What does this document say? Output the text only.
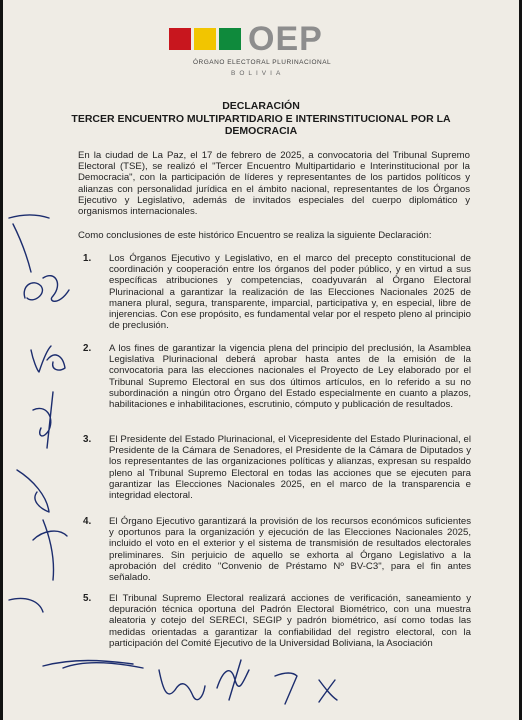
OEP
ÓRGANO ELECTORAL PLURINACIONAL
BOLIVIA
DECLARACIÓN
TERCER ENCUENTRO MULTIPARTIDARIO E INTERINSTITUCIONAL POR LA DEMOCRACIA
En la ciudad de La Paz, el 17 de febrero de 2025, a convocatoria del Tribunal Supremo Electoral (TSE), se realizó el "Tercer Encuentro Multipartidario e Interinstitucional por la Democracia", con la participación de líderes y representantes de los partidos políticos y alianzas con personalidad jurídica en el ámbito nacional, representantes de los Órganos Ejecutivo y Legislativo, además de invitados especiales del cuerpo diplomático y organismos internacionales.
Como conclusiones de este histórico Encuentro se realiza la siguiente Declaración:
1. Los Órganos Ejecutivo y Legislativo, en el marco del precepto constitucional de coordinación y cooperación entre los órganos del poder público, y en virtud a sus específicas atribuciones y competencias, coadyuvarán al Órgano Electoral Plurinacional a garantizar la realización de las Elecciones Nacionales 2025 de manera plural, segura, transparente, imparcial, participativa y, en especial, libre de injerencias. Con ese propósito, es fundamental velar por el respeto pleno al principio de preclusión.
2. A los fines de garantizar la vigencia plena del principio del preclusión, la Asamblea Legislativa Plurinacional deberá aprobar hasta antes de la emisión de la convocatoria para las elecciones nacionales el Proyecto de Ley elaborado por el Tribunal Supremo Electoral en sus dos últimos artículos, en lo referido a su no subordinación a ningún otro Órgano del Estado especialmente en cuanto a plazos, habilitaciones e inhabilitaciones, escrutinio, cómputo y publicación de resultados.
3. El Presidente del Estado Plurinacional, el Vicepresidente del Estado Plurinacional, el Presidente de la Cámara de Senadores, el Presidente de la Cámara de Diputados y los representantes de las organizaciones políticas y alianzas, expresan su respaldo pleno al Tribunal Supremo Electoral en todas las acciones que se ejecuten para garantizar las Elecciones Nacionales 2025, en el marco de la transparencia e integridad electoral.
4. El Órgano Ejecutivo garantizará la provisión de los recursos económicos suficientes y oportunos para la organización y ejecución de las Elecciones Nacionales 2025, incluido el voto en el exterior y el sistema de transmisión de resultados electorales preliminares. Sin perjuicio de aquello se exhorta al Órgano Legislativo a la aprobación del crédito "Convenio de Préstamo Nº BV-C3", para el fin antes señalado.
5. El Tribunal Supremo Electoral realizará acciones de verificación, saneamiento y depuración técnica oportuna del Padrón Electoral Biométrico, con una muestra aleatoria y cotejo del SERECI, SEGIP y padrón biométrico, así como todas las medidas orientadas a garantizar la confiabilidad del registro electoral, con la participación del Comité Ejecutivo de la Universidad Boliviana, la Asociación
